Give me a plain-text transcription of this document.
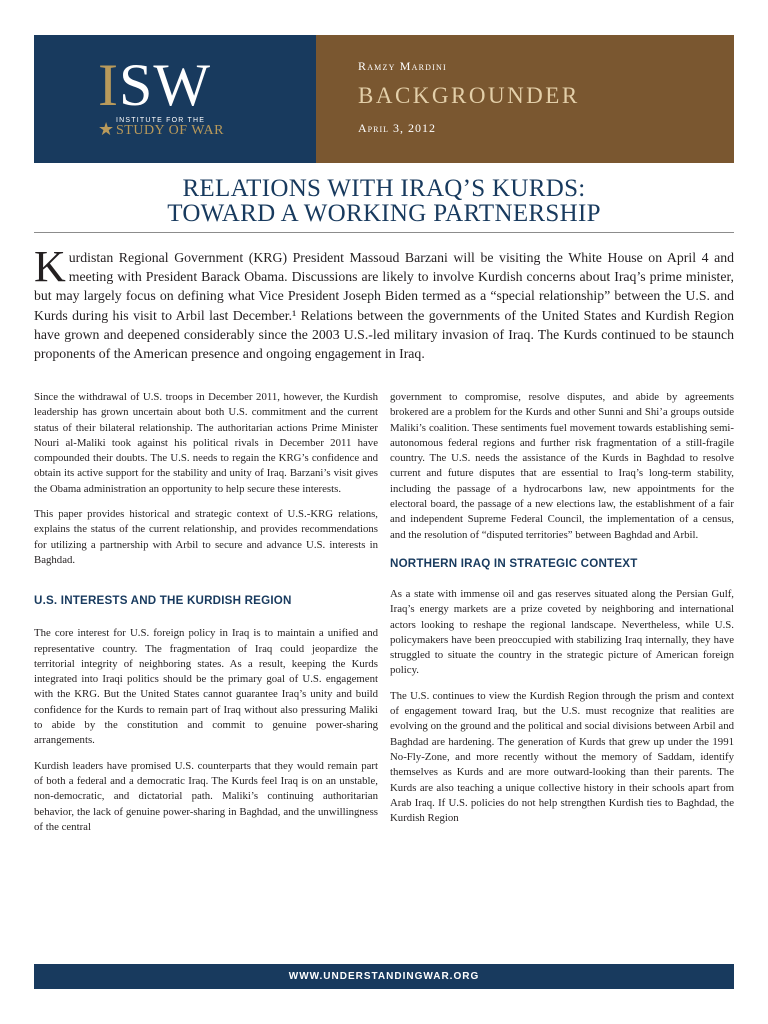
ISW
★ INSTITUTE FOR THE
STUDY OF WAR
Ramzy Mardini
BACKGROUNDER
April 3, 2012
RELATIONS WITH IRAQ’S KURDS:
TOWARD A WORKING PARTNERSHIP
Kurdistan Regional Government (KRG) President Massoud Barzani will be visiting the White House on April 4 and meeting with President Barack Obama. Discussions are likely to involve Kurdish concerns about Iraq’s prime minister, but may largely focus on defining what Vice President Joseph Biden termed as a “special relationship” between the U.S. and Kurds during his visit to Arbil last December.¹ Relations between the governments of the United States and Kurdish Region have grown and deepened considerably since the 2003 U.S.-led military invasion of Iraq. The Kurds continued to be staunch proponents of the American presence and ongoing engagement in Iraq.

Since the withdrawal of U.S. troops in December 2011, however, the Kurdish leadership has grown uncertain about both U.S. commitment and the current status of their bilateral relationship. The authoritarian actions Prime Minister Nouri al-Maliki took against his political rivals in December 2011 have compounded their doubts. The U.S. needs to regain the KRG’s confidence and obtain its active support for the stability and unity of Iraq. Barzani’s visit gives the Obama administration an opportunity to help secure these interests.

This paper provides historical and strategic context of U.S.-KRG relations, explains the status of the current relationship, and provides recommendations for utilizing a partnership with Arbil to secure and advance U.S. interests in Baghdad.

U.S. INTERESTS AND THE KURDISH REGION

The core interest for U.S. foreign policy in Iraq is to maintain a unified and representative country. The fragmentation of Iraq could jeopardize the territorial integrity of neighboring states. As a result, keeping the Kurds integrated into Iraqi politics should be the primary goal of U.S. engagement with the KRG. But the United States cannot guarantee Iraq’s unity and build confidence for the Kurds to remain part of Iraq without also pressuring Maliki to abide by the constitution and commit to genuine power-sharing arrangements.

Kurdish leaders have promised U.S. counterparts that they would remain part of both a federal and a democratic Iraq. The Kurds feel Iraq is on an unstable, non-democratic, and dictatorial path. Maliki’s continuing authoritarian behavior, the lack of genuine power-sharing in Baghdad, and the unwillingness of the central

government to compromise, resolve disputes, and abide by agreements brokered are a problem for the Kurds and other Sunni and Shi’a groups outside Maliki’s coalition. These sentiments fuel movement towards establishing semi-autonomous federal regions and further risk fragmentation of a still-fragile country. The U.S. needs the assistance of the Kurds in Baghdad to resolve current and future disputes that are essential to Iraq’s long-term stability, including the passage of a hydrocarbons law, new appointments for the electoral board, the passage of a new elections law, the establishment of a fair and independent Supreme Federal Council, the implementation of a census, and the resolution of “disputed territories” between Baghdad and Arbil.

NORTHERN IRAQ IN STRATEGIC CONTEXT

As a state with immense oil and gas reserves situated along the Persian Gulf, Iraq’s energy markets are a prize coveted by neighboring and international actors looking to reshape the regional landscape. Nevertheless, while U.S. policymakers have been preoccupied with stabilizing Iraq internally, they have struggled to situate the country in the strategic picture of American foreign policy.

The U.S. continues to view the Kurdish Region through the prism and context of engagement toward Iraq, but the U.S. must recognize that realities are evolving on the ground and the political and social divisions between Arbil and Baghdad are hardening. The generation of Kurds that grew up under the 1991 No-Fly-Zone, and more recently without the memory of Saddam, identify themselves as Kurds and are more outward-looking than their parents. The Kurds are also teaching a unique collective history in their schools apart from Arab Iraq. If U.S. policies do not help strengthen Kurdish ties to Baghdad, the Kurdish Region

WWW.UNDERSTANDINGWAR.ORG
